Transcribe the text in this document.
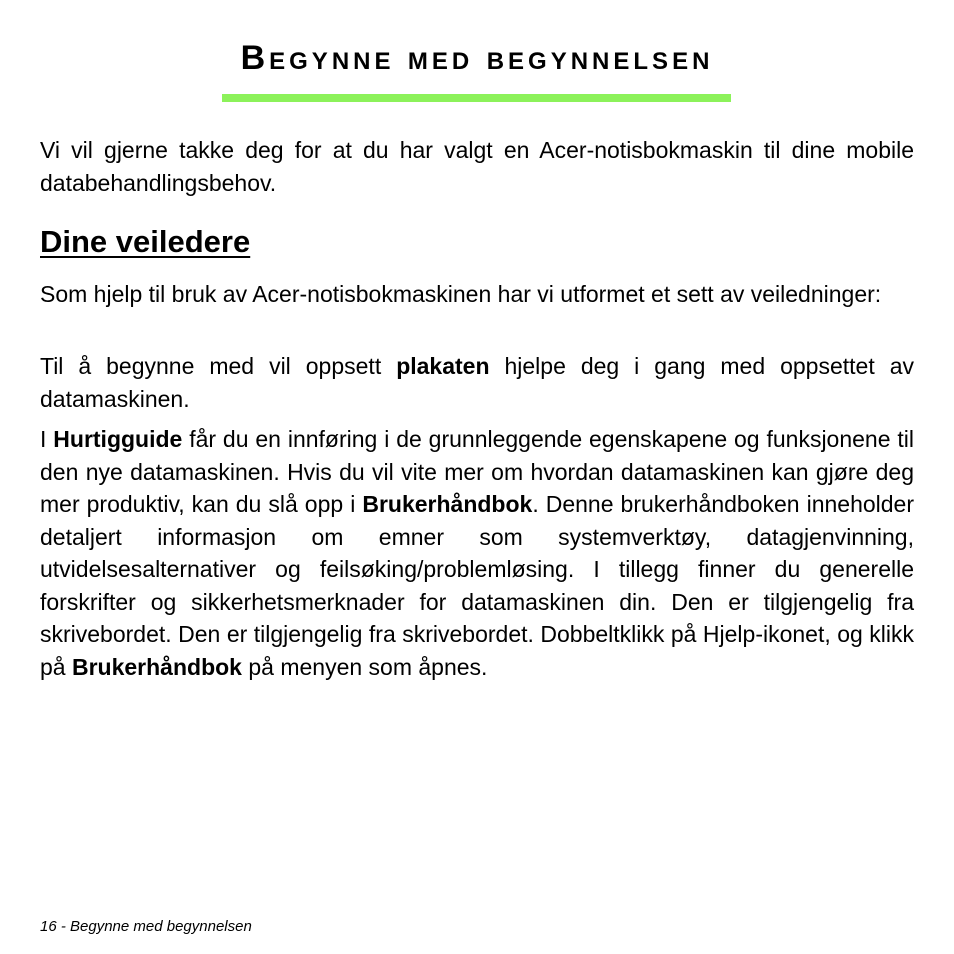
Begynne med begynnelsen

Vi vil gjerne takke deg for at du har valgt en Acer-notisbokmaskin til dine mobile databehandlingsbehov.

Dine veiledere

Som hjelp til bruk av Acer-notisbokmaskinen har vi utformet et sett av veiledninger:

Til å begynne med vil oppsett plakaten hjelpe deg i gang med oppsettet av datamaskinen.

I Hurtigguide får du en innføring i de grunnleggende egenskapene og funksjonene til den nye datamaskinen. Hvis du vil vite mer om hvordan datamaskinen kan gjøre deg mer produktiv, kan du slå opp i Brukerhåndbok. Denne brukerhåndboken inneholder detaljert informasjon om emner som systemverktøy, datagjenvinning, utvidelsesalternativer og feilsøking/problemløsing. I tillegg finner du generelle forskrifter og sikkerhetsmerknader for datamaskinen din. Den er tilgjengelig fra skrivebordet. Den er tilgjengelig fra skrivebordet. Dobbeltklikk på Hjelp-ikonet, og klikk på Brukerhåndbok på menyen som åpnes.

16 - Begynne med begynnelsen
